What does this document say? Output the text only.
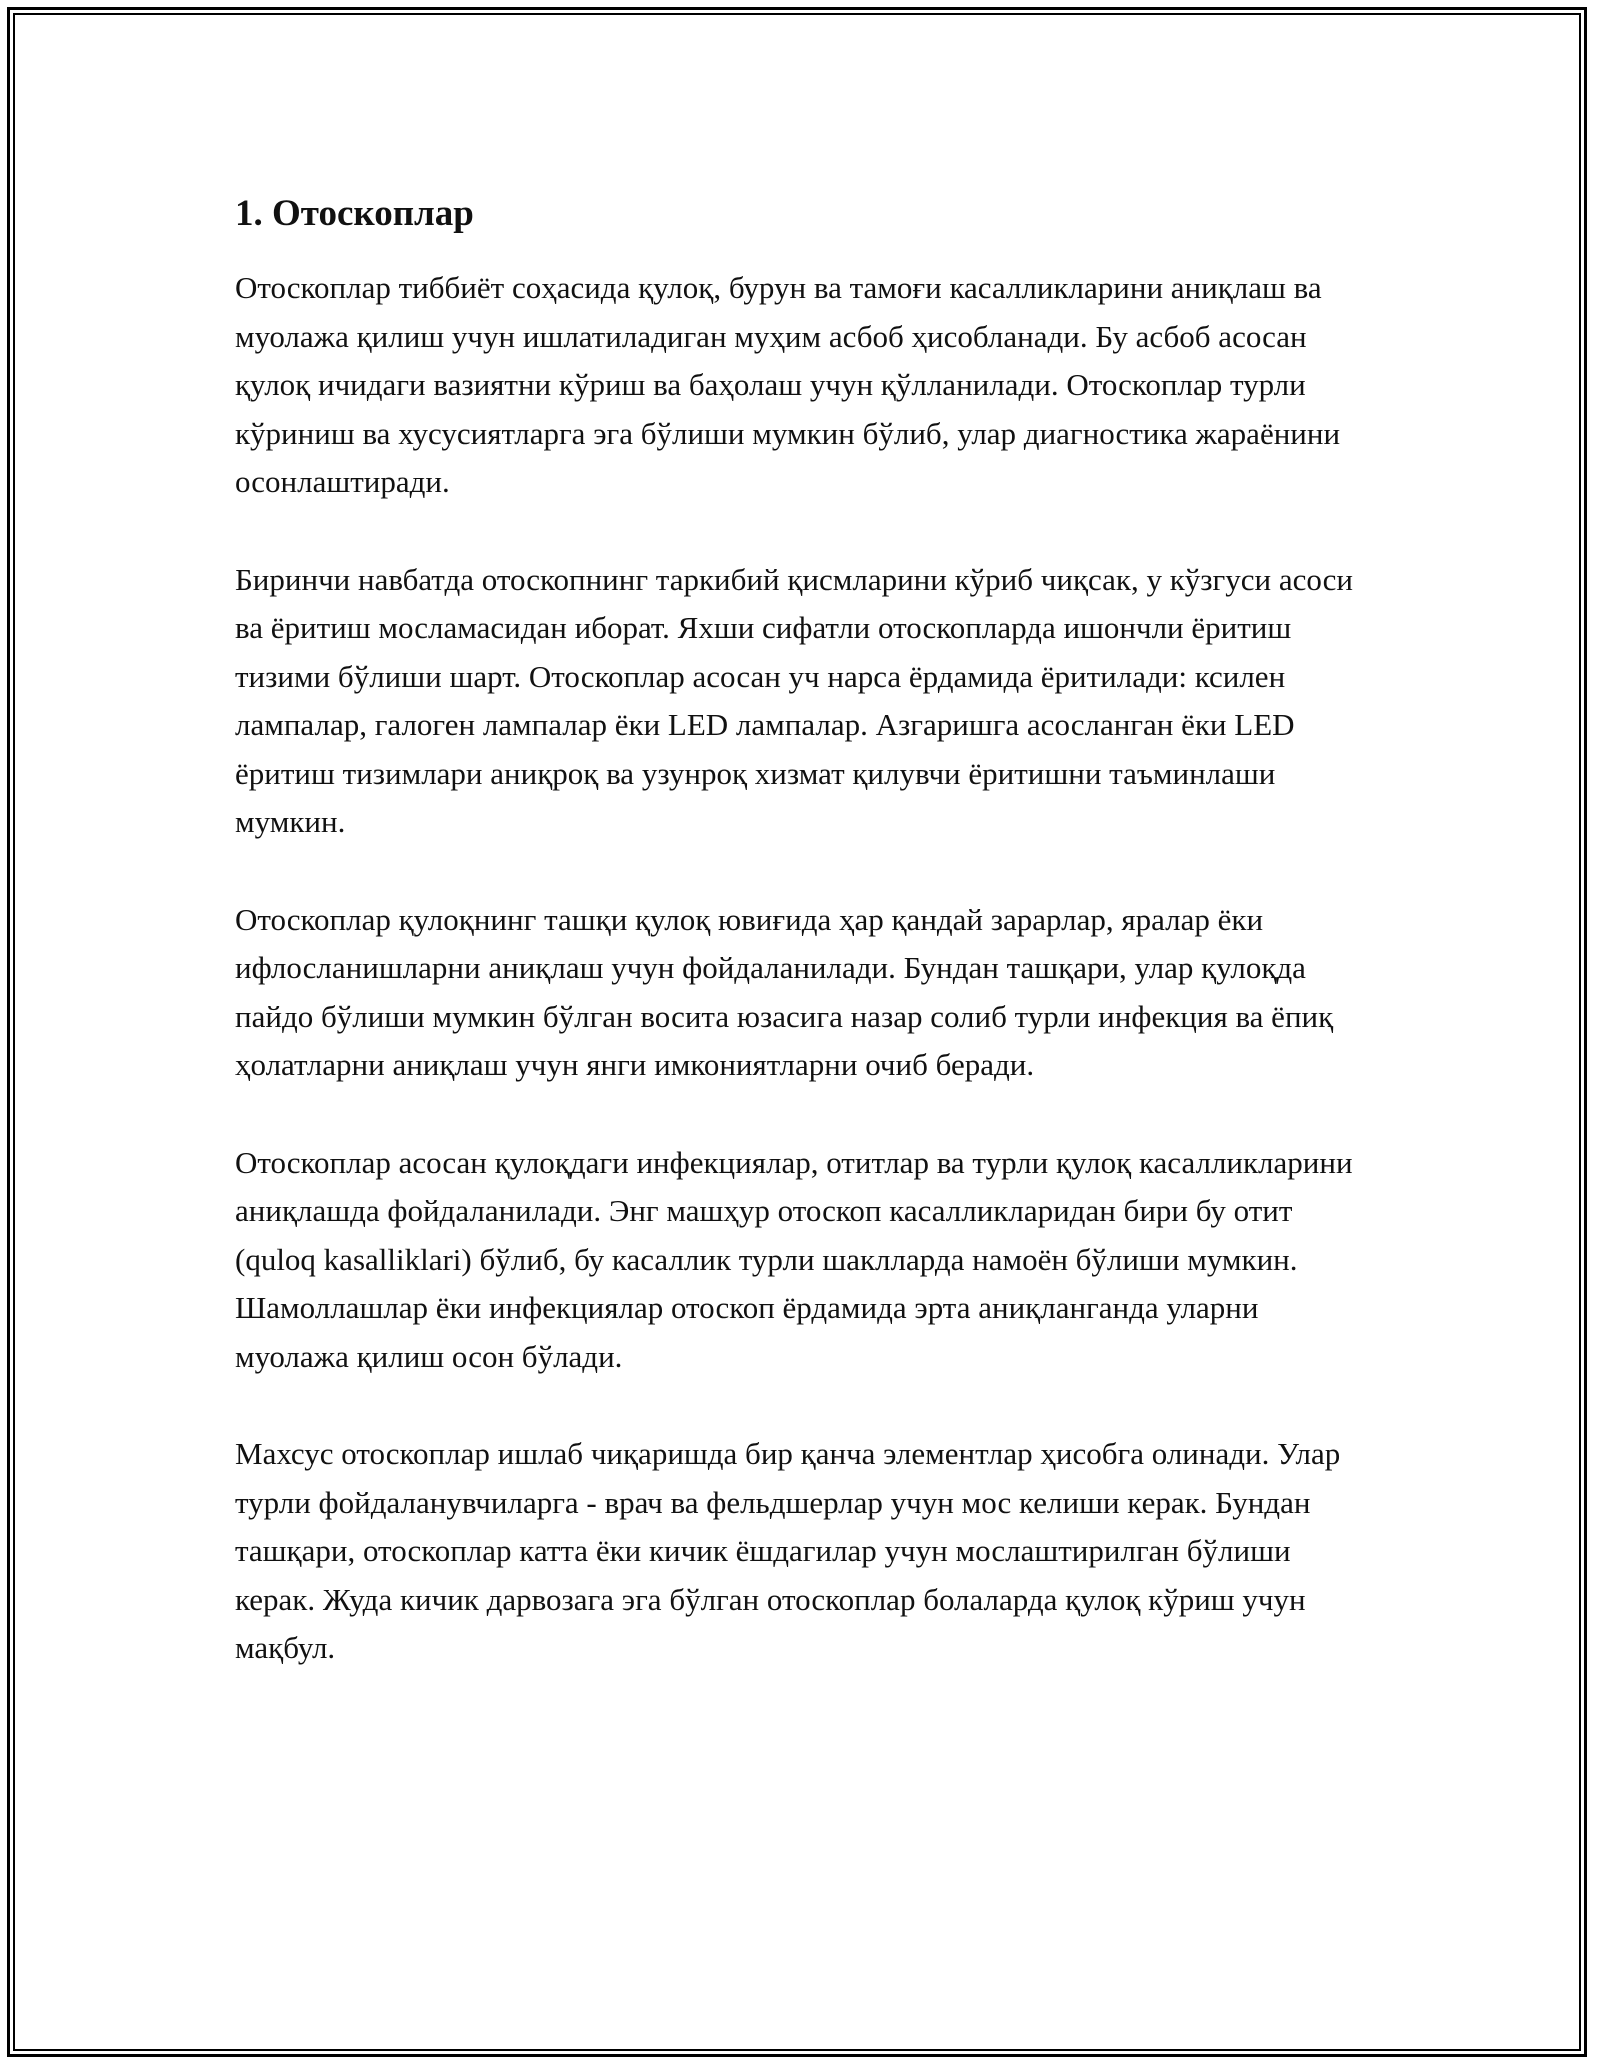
1. Отоскоплар

Отоскоплар тиббиёт соҳасида қулоқ, бурун ва тамоғи касалликларини аниқлаш ва муолажа қилиш учун ишлатиладиган муҳим асбоб ҳисобланади. Бу асбоб асосан қулоқ ичидаги вазиятни кўриш ва баҳолаш учун қўлланилади. Отоскоплар турли кўриниш ва хусусиятларга эга бўлиши мумкин бўлиб, улар диагностика жараёнини осонлаштиради.

Биринчи навбатда отоскопнинг таркибий қисмларини кўриб чиқсак, у кўзгуси асоси ва ёритиш мосламасидан иборат. Яхши сифатли отоскопларда ишончли ёритиш тизими бўлиши шарт. Отоскоплар асосан уч нарса ёрдамида ёритилади: ксилен лампалар, галоген лампалар ёки LED лампалар. Азгаришга асосланган ёки LED ёритиш тизимлари аниқроқ ва узунроқ хизмат қилувчи ёритишни таъминлаши мумкин.

Отоскоплар қулоқнинг ташқи қулоқ ювиғида ҳар қандай зарарлар, яралар ёки ифлосланишларни аниқлаш учун фойдаланилади. Бундан ташқари, улар қулоқда пайдо бўлиши мумкин бўлган восита юзасига назар солиб турли инфекция ва ёпиқ ҳолатларни аниқлаш учун янги имкониятларни очиб беради.

Отоскоплар асосан қулоқдаги инфекциялар, отитлар ва турли қулоқ касалликларини аниқлашда фойдаланилади. Энг машҳур отоскоп касалликларидан бири бу отит (quloq kasalliklari) бўлиб, бу касаллик турли шаклларда намоён бўлиши мумкин. Шамоллашлар ёки инфекциялар отоскоп ёрдамида эрта аниқланганда уларни муолажа қилиш осон бўлади.

Махсус отоскоплар ишлаб чиқаришда бир қанча элементлар ҳисобга олинади. Улар турли фойдаланувчиларга - врач ва фельдшерлар учун мос келиши керак. Бундан ташқари, отоскоплар катта ёки кичик ёшдагилар учун мослаштирилган бўлиши керак. Жуда кичик дарвозага эга бўлган отоскоплар болаларда қулоқ кўриш учун мақбул.
